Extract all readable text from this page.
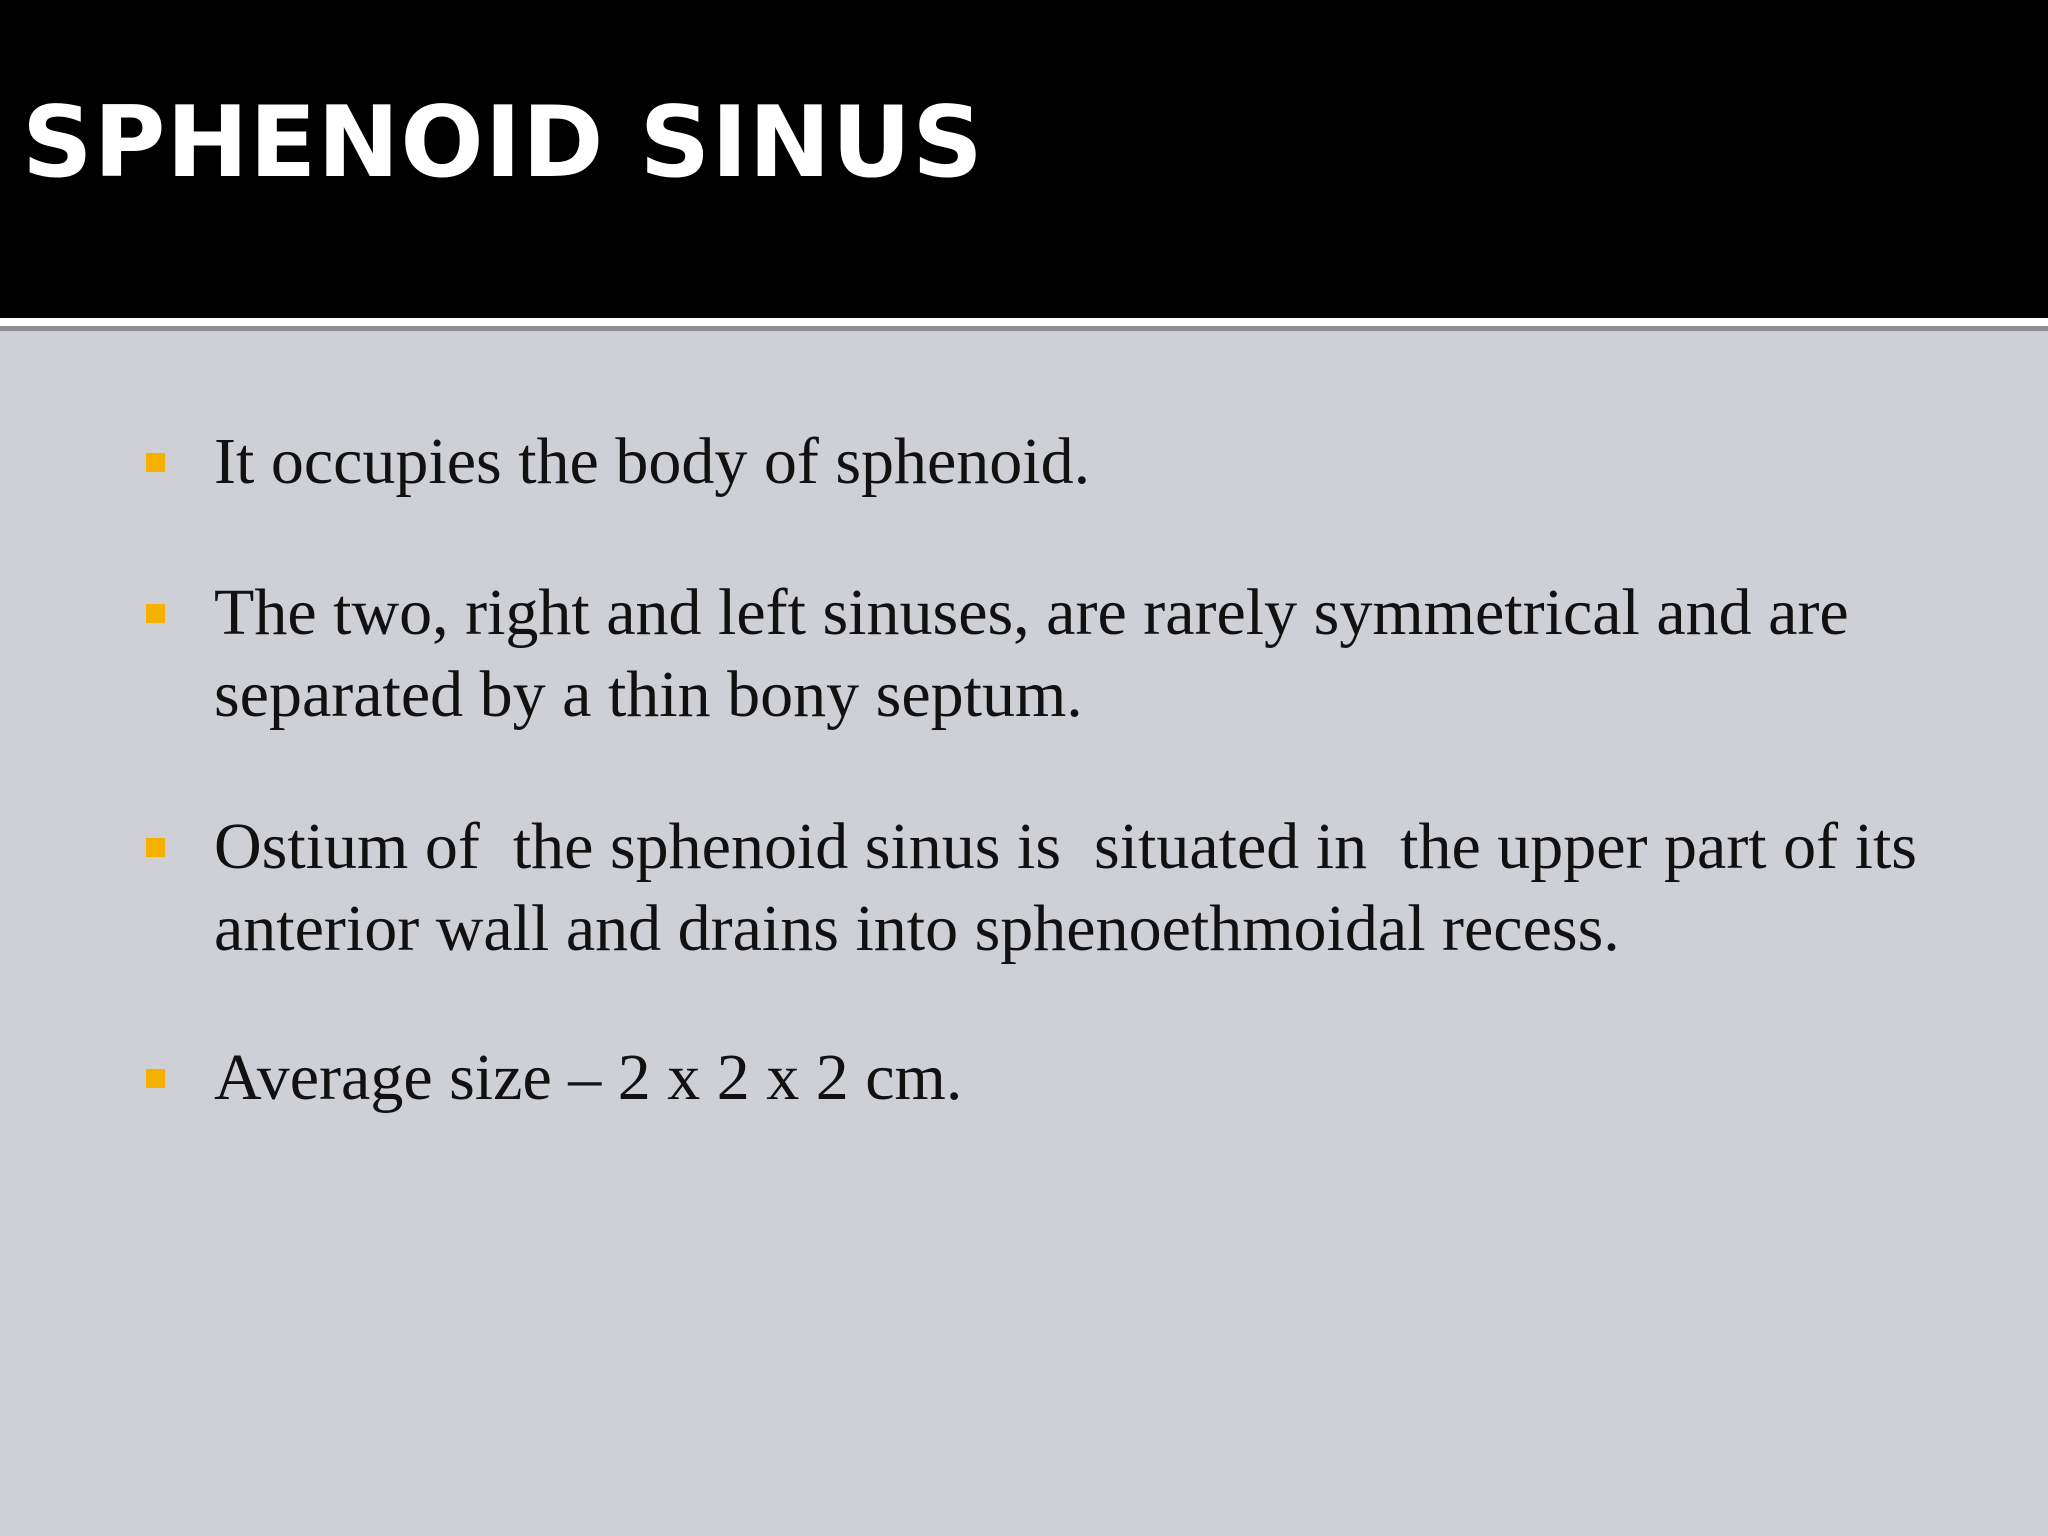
SPHENOID SINUS
It occupies the body of sphenoid.
The two, right and left sinuses, are rarely symmetrical and are separated by a thin bony septum.
Ostium of  the sphenoid sinus is  situated in  the upper part of its anterior wall and drains into sphenoethmoidal recess.
Average size – 2 x 2 x 2 cm.
